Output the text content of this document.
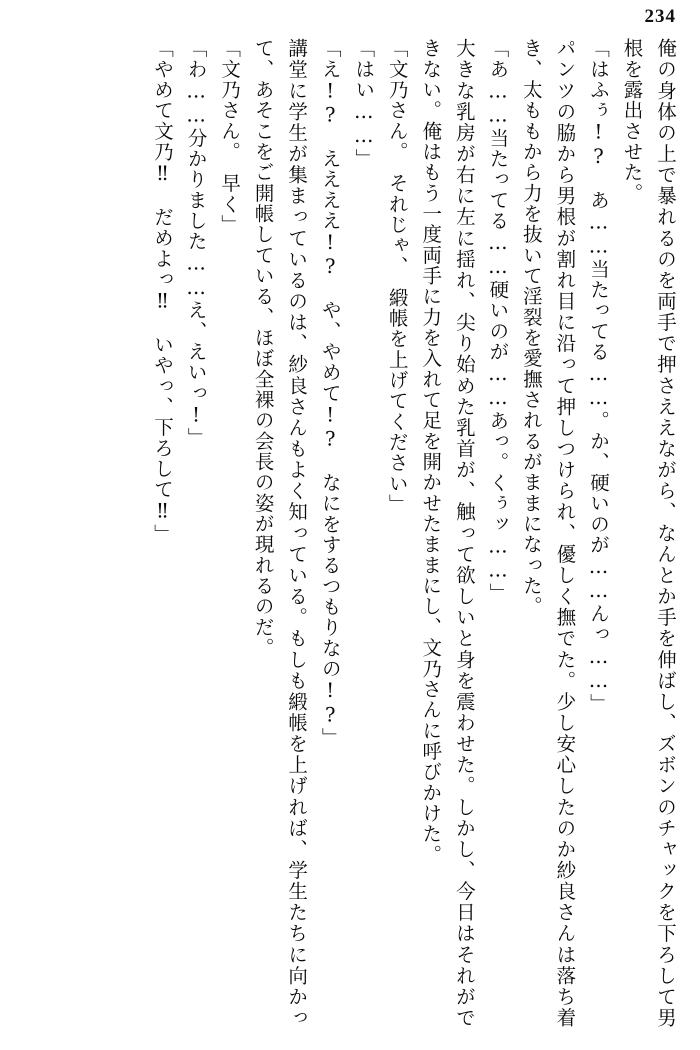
234

俺の身体の上で暴れるのを両手で押さええながら、なんとか手を伸ばし、ズボンのチャックを下ろして男根を露出させた。

「はふぅ!?　あ……当たってる……。か、硬いのが……んっ……」

パンツの脇から男根が割れ目に沿って押しつけられ、優しく撫でた。少し安心したのか紗良さんは落ち着き、太ももから力を抜いて淫裂を愛撫されるがままになった。

「あ……当たってる……硬いのが……あっ。くぅッ……」

大きな乳房が右に左に揺れ、尖り始めた乳首が、触って欲しいと身を震わせた。しかし、今日はそれができない。俺はもう一度両手に力を入れて足を開かせたままにし、文乃さんに呼びかけた。

「文乃さん。　それじゃ、　緞帳を上げてください」

「はい……」

「え!?　ええええ!?　や、やめて!?　なにをするつもりなの!?」

講堂に学生が集まっているのは、紗良さんもよく知っている。もしも緞帳を上げれば、学生たちに向かって、あそこをご開帳している、ほぼ全裸の会長の姿が現れるのだ。

「文乃さん。　早く」

「わ……分かりました……え、えいっ!」

「やめて文乃‼　だめよっ‼　いやっ、下ろして‼」
